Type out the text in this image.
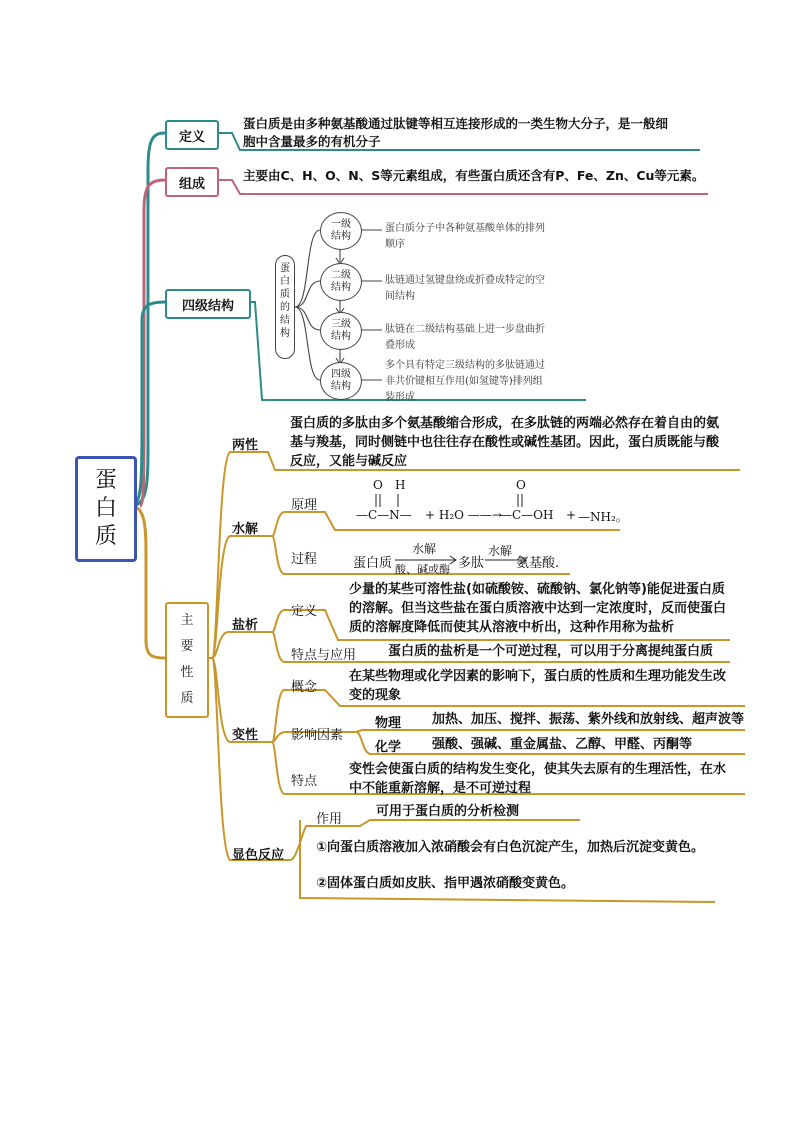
蛋
白
质
定义
蛋白质是由多种氨基酸通过肽键等相互连接形成的一类生物大分子，是一般细
胞中含量最多的有机分子
组成
主要由C、H、O、N、S等元素组成，有些蛋白质还含有P、Fe、Zn、Cu等元素。
四级结构
蛋
白
质
的
结
构
一级
结构
二级
结构
三级
结构
四级
结构
蛋白质分子中各种氨基酸单体的排列
顺序
肽链通过氢键盘绕或折叠成特定的空
间结构
肽链在二级结构基础上进一步盘曲折
叠形成
多个具有特定三级结构的多肽链通过
非共价键相互作用(如氢键等)排列组
装形成
主
要
性
质
两性
蛋白质的多肽由多个氨基酸缩合形成，在多肽链的两端必然存在着自由的氨
基与羧基，同时侧链中也往往存在酸性或碱性基团。因此，蛋白质既能与酸
反应，又能与碱反应
水解
原理
O H
—C—N— + H₂O ——→
O
—C—OH + —NH₂。
过程	蛋白质
水解
酸、碱或酶 多肽
水解
氨基酸.
盐析
定义
少量的某些可溶性盐(如硫酸铵、硫酸钠、氯化钠等)能促进蛋白质
的溶解。但当这些盐在蛋白质溶液中达到一定浓度时，反而使蛋白
质的溶解度降低而使其从溶液中析出，这种作用称为盐析
特点与应用 蛋白质的盐析是一个可逆过程，可以用于分离提纯蛋白质
变性
概念
在某些物理或化学因素的影响下，蛋白质的性质和生理功能发生改
变的现象
影响因素
物理 加热、加压、搅拌、振荡、紫外线和放射线、超声波等
化学 强酸、强碱、重金属盐、乙醇、甲醛、丙酮等
特点
变性会使蛋白质的结构发生变化，使其失去原有的生理活性，在水
中不能重新溶解，是不可逆过程
显色反应
作用
可用于蛋白质的分析检测
①向蛋白质溶液加入浓硝酸会有白色沉淀产生，加热后沉淀变黄色。
②固体蛋白质如皮肤、指甲遇浓硝酸变黄色。
